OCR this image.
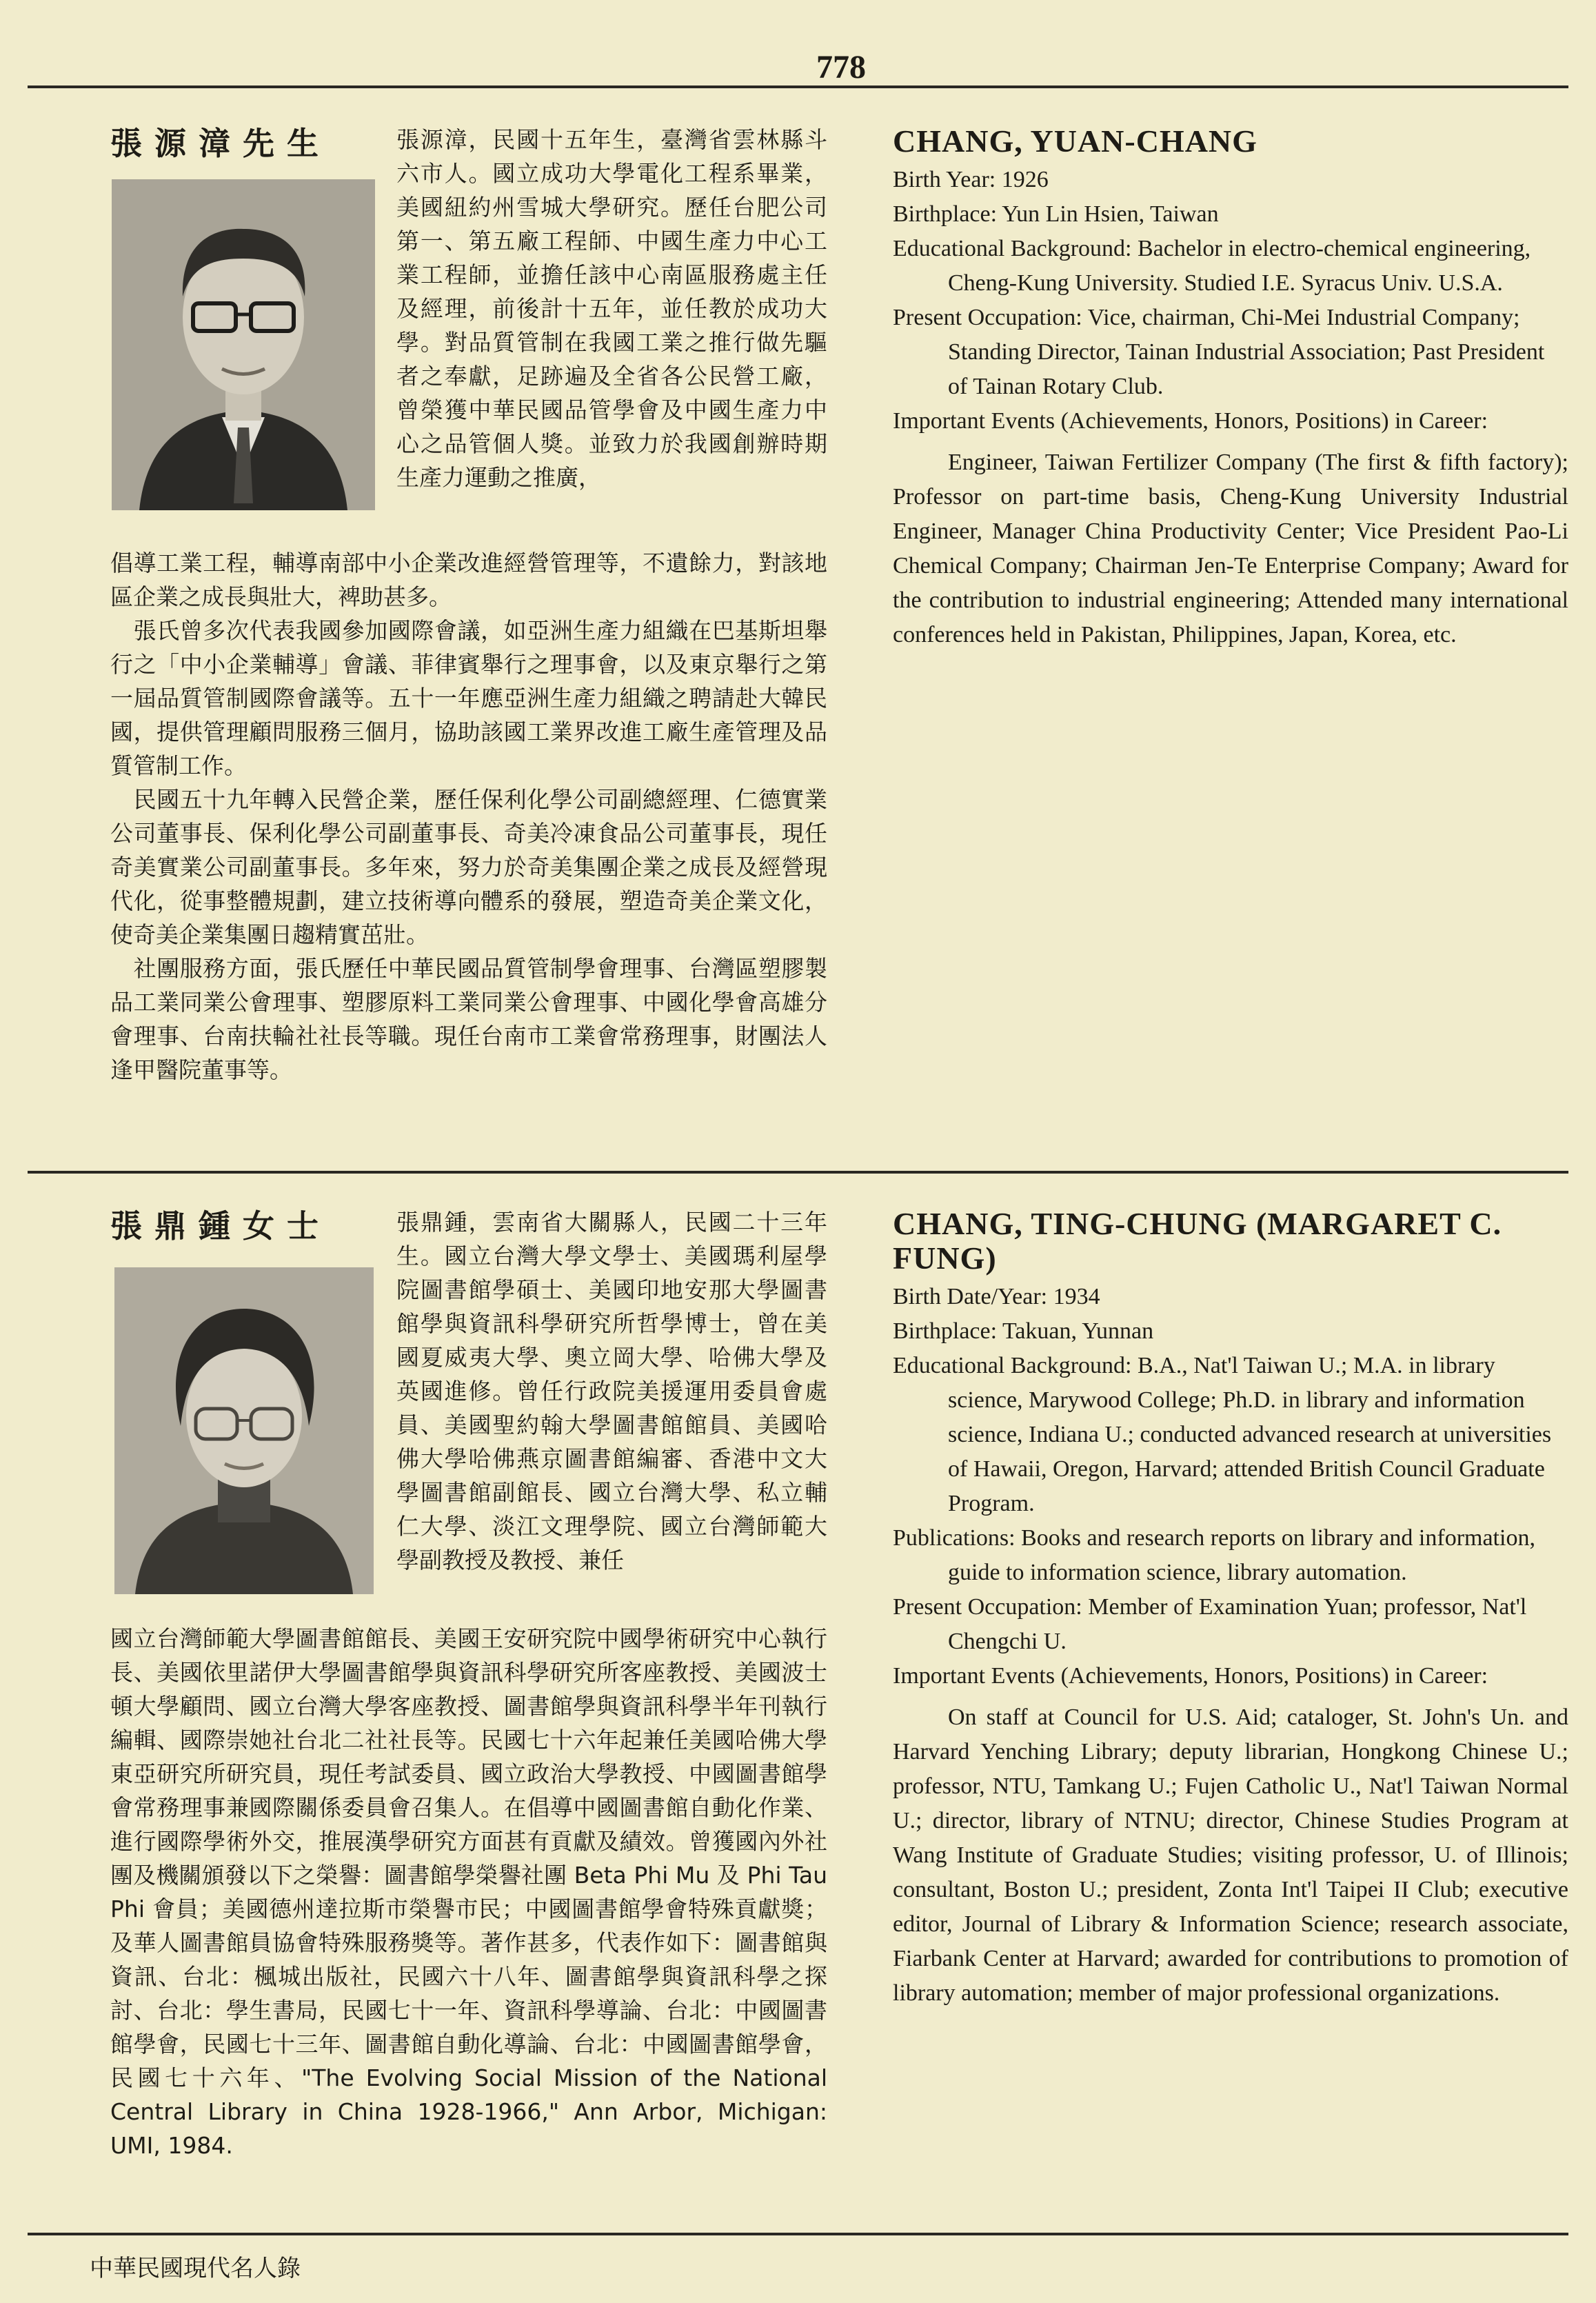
778
張源漳先生	張源漳，民國十五年生，臺灣省雲林縣斗六市人。國立成功大學電化工程系畢業，美國紐約州雪城大學研究。歷任台肥公司第一、第五廠工程師、中國生產力中心工業工程師，並擔任該中心南區服務處主任及經理，前後計十五年，並任教於成功大學。對品質管制在我國工業之推行做先驅者之奉獻，足跡遍及全省各公民營工廠，曾榮獲中華民國品管學會及中國生產力中心之品管個人獎。並致力於我國創辦時期生產力運動之推廣，

倡導工業工程，輔導南部中小企業改進經營管理等，不遺餘力，對該地區企業之成長與壯大，裨助甚多。

　張氏曾多次代表我國參加國際會議，如亞洲生產力組織在巴基斯坦舉行之「中小企業輔導」會議、菲律賓舉行之理事會，以及東京舉行之第一屆品質管制國際會議等。五十一年應亞洲生產力組織之聘請赴大韓民國，提供管理顧問服務三個月，協助該國工業界改進工廠生產管理及品質管制工作。

　民國五十九年轉入民營企業，歷任保利化學公司副總經理、仁德實業公司董事長、保利化學公司副董事長、奇美冷凍食品公司董事長，現任奇美實業公司副董事長。多年來，努力於奇美集團企業之成長及經營現代化，從事整體規劃，建立技術導向體系的發展，塑造奇美企業文化，使奇美企業集團日趨精實茁壯。

　社團服務方面，張氏歷任中華民國品質管制學會理事、台灣區塑膠製品工業同業公會理事、塑膠原料工業同業公會理事、中國化學會高雄分會理事、台南扶輪社社長等職。現任台南市工業會常務理事，財團法人逢甲醫院董事等。

CHANG, YUAN-CHANG

Birth Year: 1926

Birthplace: Yun Lin Hsien, Taiwan

Educational Background: Bachelor in electro-chemical engineering, Cheng-Kung University. Studied I.E. Syracus Univ. U.S.A.

Present Occupation: Vice, chairman, Chi-Mei Industrial Company; Standing Director, Tainan Industrial Association; Past President of Tainan Rotary Club.

Important Events (Achievements, Honors, Positions) in Career:

Engineer, Taiwan Fertilizer Company (The first & fifth factory); Professor on part-time basis, Cheng-Kung University Industrial Engineer, Manager China Productivity Center; Vice President Pao-Li Chemical Company; Chairman Jen-Te Enterprise Company; Award for the contribution to industrial engineering; Attended many international conferences held in Pakistan, Philippines, Japan, Korea, etc.

張鼎鍾女士	張鼎鍾，雲南省大關縣人，民國二十三年生。國立台灣大學文學士、美國瑪利屋學院圖書館學碩士、美國印地安那大學圖書館學與資訊科學研究所哲學博士，曾在美國夏威夷大學、奧立岡大學、哈佛大學及英國進修。曾任行政院美援運用委員會處員、美國聖約翰大學圖書館館員、美國哈佛大學哈佛燕京圖書館編審、香港中文大學圖書館副館長、國立台灣大學、私立輔仁大學、淡江文理學院、國立台灣師範大學副教授及教授、兼任

國立台灣師範大學圖書館館長、美國王安研究院中國學術研究中心執行長、美國依里諾伊大學圖書館學與資訊科學研究所客座教授、美國波士頓大學顧問、國立台灣大學客座教授、圖書館學與資訊科學半年刊執行編輯、國際崇她社台北二社社長等。民國七十六年起兼任美國哈佛大學東亞研究所研究員，現任考試委員、國立政治大學教授、中國圖書館學會常務理事兼國際關係委員會召集人。在倡導中國圖書館自動化作業、進行國際學術外交，推展漢學研究方面甚有貢獻及績效。曾獲國內外社團及機關頒發以下之榮譽：圖書館學榮譽社團 Beta Phi Mu 及 Phi Tau Phi 會員；美國德州達拉斯市榮譽市民；中國圖書館學會特殊貢獻獎；及華人圖書館員協會特殊服務獎等。著作甚多，代表作如下：圖書館與資訊、台北：楓城出版社，民國六十八年、圖書館學與資訊科學之探討、台北：學生書局，民國七十一年、資訊科學導論、台北：中國圖書館學會，民國七十三年、圖書館自動化導論、台北：中國圖書館學會，民國七十六年、"The Evolving Social Mission of the National Central Library in China 1928-1966," Ann Arbor, Michigan: UMI, 1984.

CHANG, TING-CHUNG (MARGARET C. FUNG)

Birth Date/Year: 1934

Birthplace: Takuan, Yunnan

Educational Background: B.A., Nat'l Taiwan U.; M.A. in library science, Marywood College; Ph.D. in library and information science, Indiana U.; conducted advanced research at universities of Hawaii, Oregon, Harvard; attended British Council Graduate Program.

Publications: Books and research reports on library and information, guide to information science, library automation.

Present Occupation: Member of Examination Yuan; professor, Nat'l Chengchi U.

Important Events (Achievements, Honors, Positions) in Career:

On staff at Council for U.S. Aid; cataloger, St. John's Un. and Harvard Yenching Library; deputy librarian, Hongkong Chinese U.; professor, NTU, Tamkang U.; Fujen Catholic U., Nat'l Taiwan Normal U.; director, library of NTNU; director, Chinese Studies Program at Wang Institute of Graduate Studies; visiting professor, U. of Illinois; consultant, Boston U.; president, Zonta Int'l Taipei II Club; executive editor, Journal of Library & Information Science; research associate, Fiarbank Center at Harvard; awarded for contributions to promotion of library automation; member of major professional organizations.

中華民國現代名人錄
